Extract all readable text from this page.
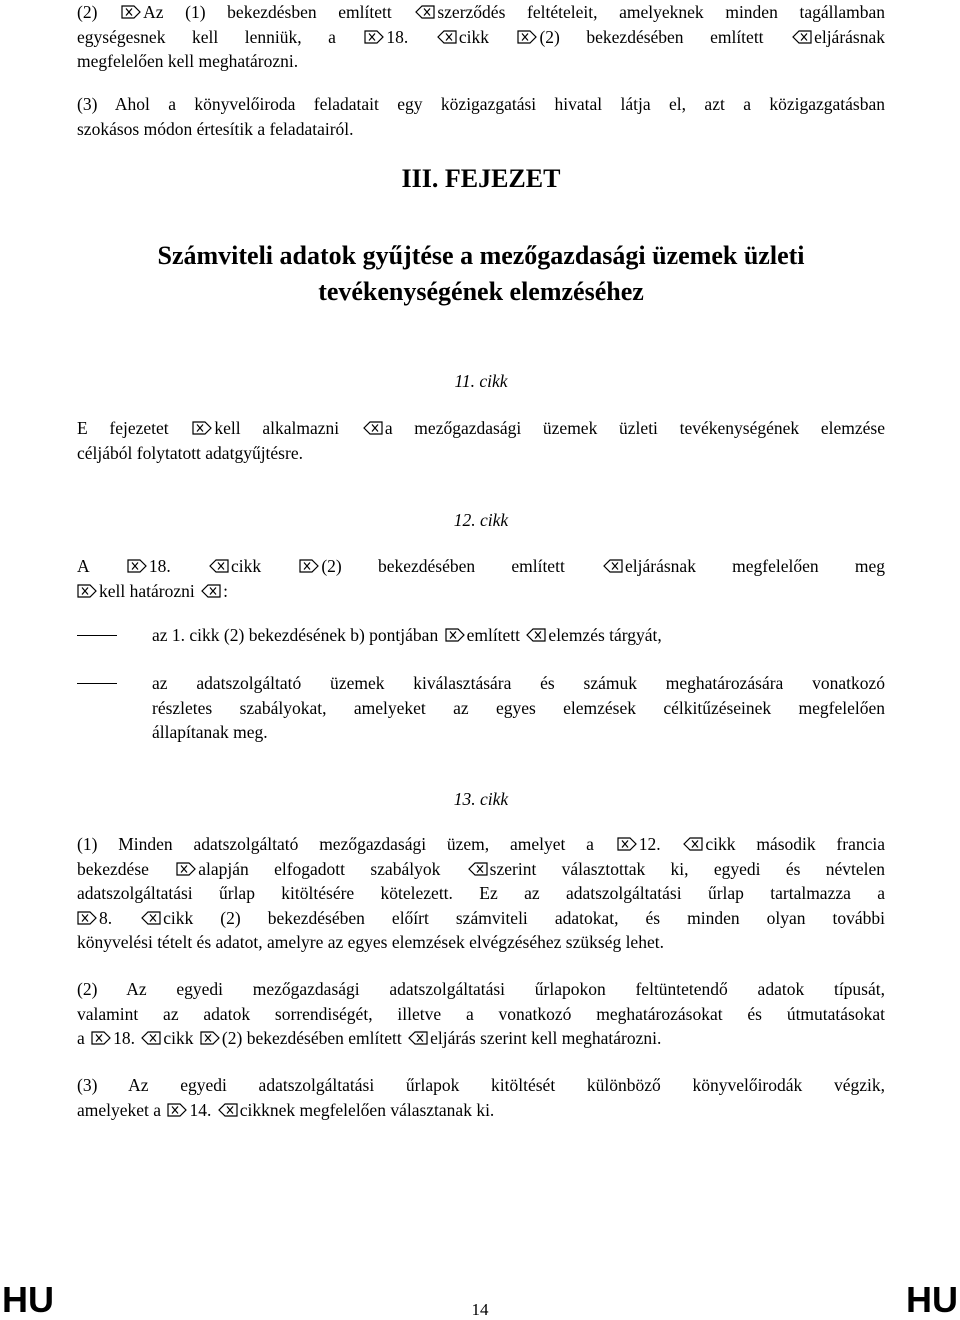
(2)
Az (1) bekezdésben említett
szerződés feltételeit, amelyeknek minden tagállamban
egységesnek kell lenniük, a
18.
cikk
(2) bekezdésében említett
eljárásnak
megfelelően kell meghatározni.
(3) Ahol a könyvelőiroda feladatait egy közigazgatási hivatal látja el, azt a közigazgatásban
szokásos módon értesítik a feladatairól.
III. FEJEZET
Számviteli adatok gyűjtése a mezőgazdasági üzemek üzleti
tevékenységének elemzéséhez
11. cikk
E fejezetet
kell alkalmazni
a mezőgazdasági üzemek üzleti tevékenységének elemzése
céljából folytatott adatgyűjtésre.
12. cikk
A
18.
cikk
(2) bekezdésében említett
eljárásnak megfelelően meg
kell határozni
:
az 1. cikk (2) bekezdésének b) pontjában
említett
elemzés tárgyát,
az adatszolgáltató üzemek kiválasztására és számuk meghatározására vonatkozó
részletes szabályokat, amelyeket az egyes elemzések célkitűzéseinek megfelelően
állapítanak meg.
13. cikk
(1) Minden adatszolgáltató mezőgazdasági üzem, amelyet a
12.
cikk második francia
bekezdése
alapján elfogadott szabályok
szerint választottak ki, egyedi és névtelen
adatszolgáltatási űrlap kitöltésére kötelezett. Ez az adatszolgáltatási űrlap tartalmazza a
8.
cikk (2) bekezdésében előírt számviteli adatokat, és minden olyan további
könyvelési tételt és adatot, amelyre az egyes elemzések elvégzéséhez szükség lehet.
(2) Az egyedi mezőgazdasági adatszolgáltatási űrlapokon feltüntetendő adatok típusát,
valamint az adatok sorrendiségét, illetve a vonatkozó meghatározásokat és útmutatásokat
a
18.
cikk
(2) bekezdésében említett
eljárás szerint kell meghatározni.
(3) Az egyedi adatszolgáltatási űrlapok kitöltését különböző könyvelőirodák végzik,
amelyeket a
14.
cikknek megfelelően választanak ki.
HU	14	HU
